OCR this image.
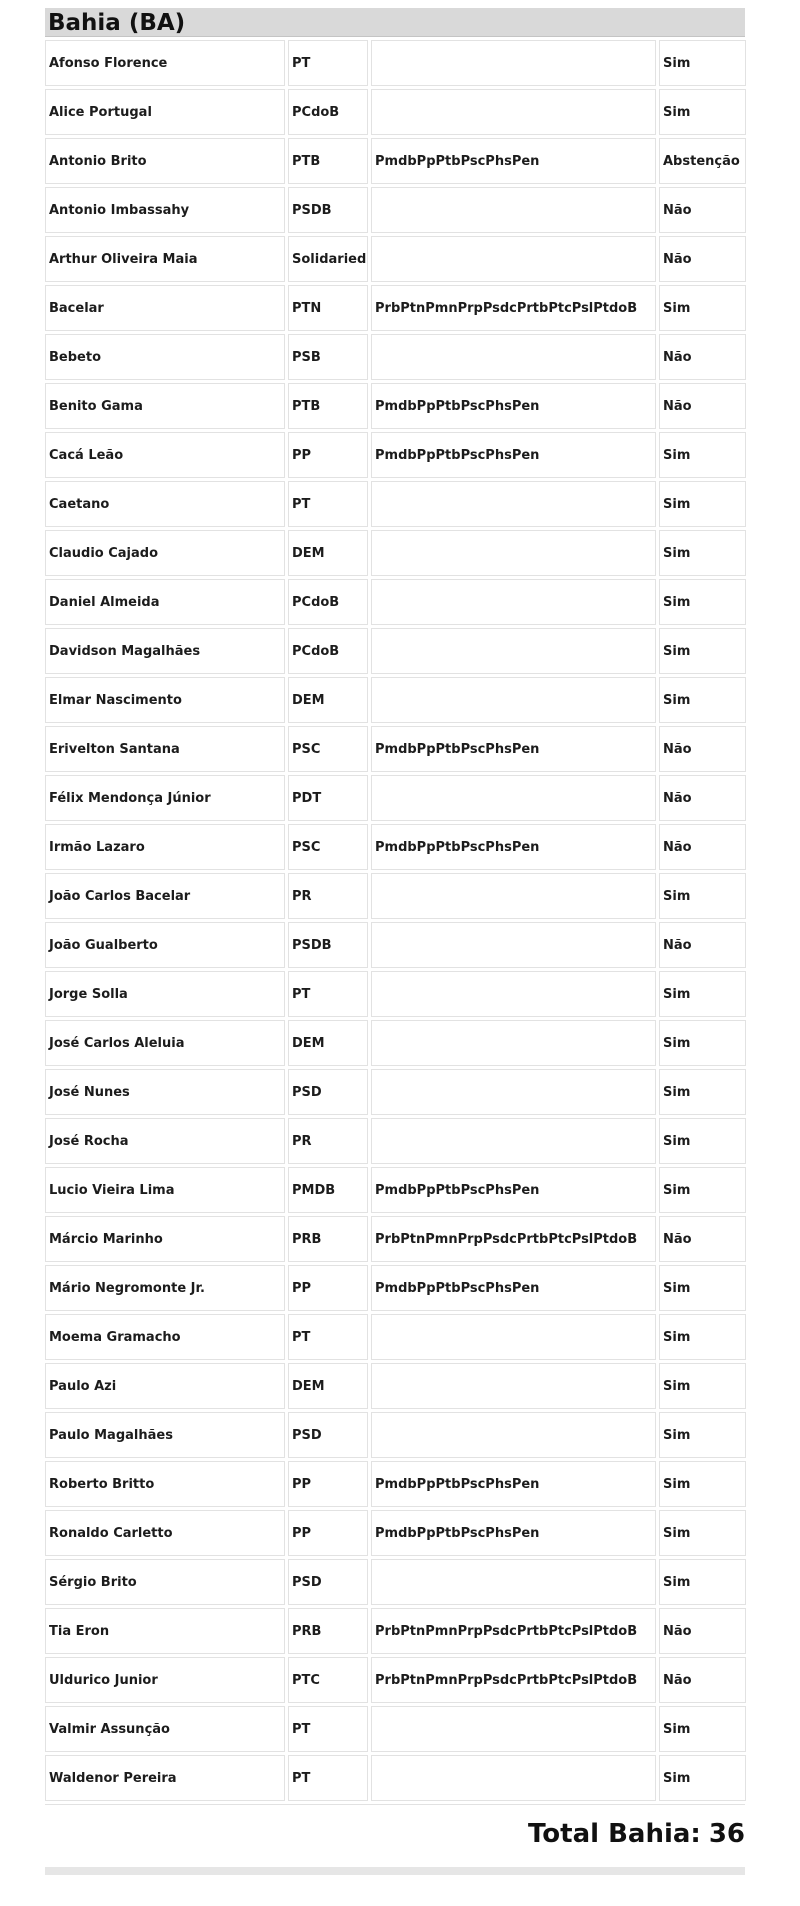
Bahia (BA)
Afonso Florence	PT		Sim
Alice Portugal	PCdoB		Sim
Antonio Brito	PTB	PmdbPpPtbPscPhsPen	Abstenção
Antonio Imbassahy	PSDB		Não
Arthur Oliveira Maia	Solidaried		Não
Bacelar	PTN	PrbPtnPmnPrpPsdcPrtbPtcPslPtdoB	Sim
Bebeto	PSB		Não
Benito Gama	PTB	PmdbPpPtbPscPhsPen	Não
Cacá Leão	PP	PmdbPpPtbPscPhsPen	Sim
Caetano	PT		Sim
Claudio Cajado	DEM		Sim
Daniel Almeida	PCdoB		Sim
Davidson Magalhães	PCdoB		Sim
Elmar Nascimento	DEM		Sim
Erivelton Santana	PSC	PmdbPpPtbPscPhsPen	Não
Félix Mendonça Júnior	PDT		Não
Irmão Lazaro	PSC	PmdbPpPtbPscPhsPen	Não
João Carlos Bacelar	PR		Sim
João Gualberto	PSDB		Não
Jorge Solla	PT		Sim
José Carlos Aleluia	DEM		Sim
José Nunes	PSD		Sim
José Rocha	PR		Sim
Lucio Vieira Lima	PMDB	PmdbPpPtbPscPhsPen	Sim
Márcio Marinho	PRB	PrbPtnPmnPrpPsdcPrtbPtcPslPtdoB	Não
Mário Negromonte Jr.	PP	PmdbPpPtbPscPhsPen	Sim
Moema Gramacho	PT		Sim
Paulo Azi	DEM		Sim
Paulo Magalhães	PSD		Sim
Roberto Britto	PP	PmdbPpPtbPscPhsPen	Sim
Ronaldo Carletto	PP	PmdbPpPtbPscPhsPen	Sim
Sérgio Brito	PSD		Sim
Tia Eron	PRB	PrbPtnPmnPrpPsdcPrtbPtcPslPtdoB	Não
Uldurico Junior	PTC	PrbPtnPmnPrpPsdcPrtbPtcPslPtdoB	Não
Valmir Assunção	PT		Sim
Waldenor Pereira	PT		Sim
Total Bahia: 36
